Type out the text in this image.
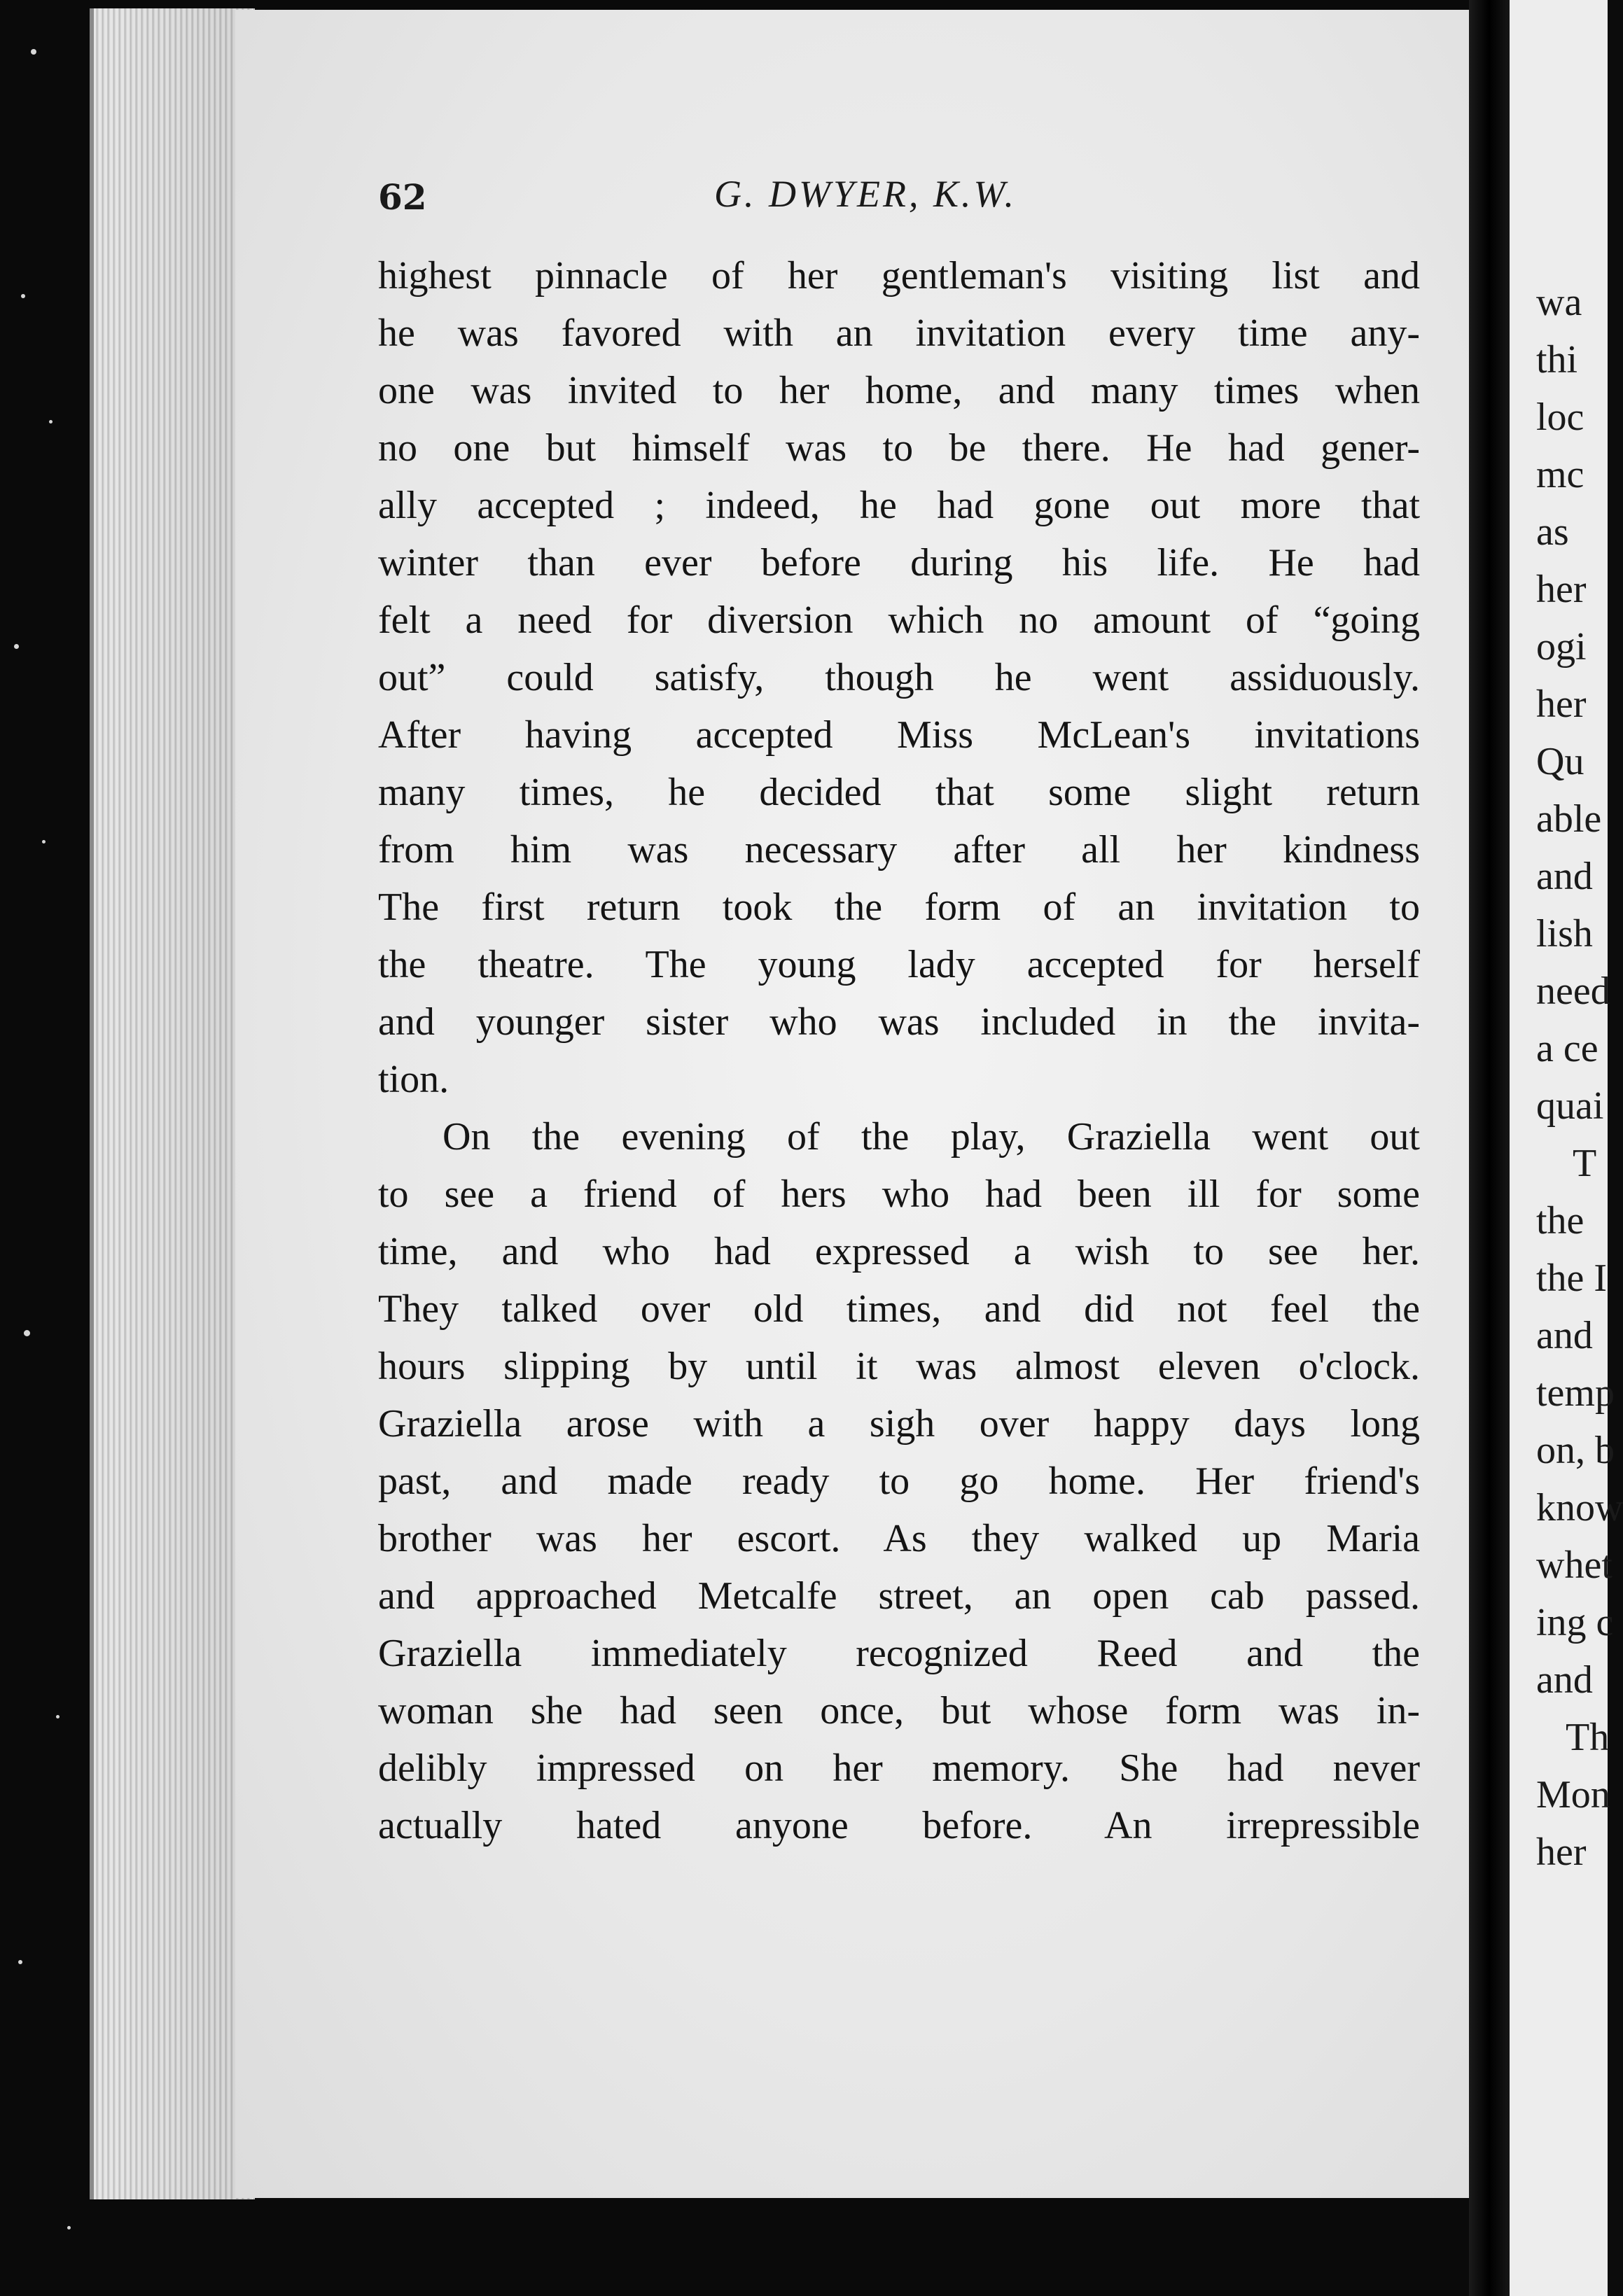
62	G. DWYER, K.W.
highest pinnacle of her gentleman's visiting list and
he was favored with an invitation every time any-
one was invited to her home, and many times when
no one but himself was to be there. He had gener-
ally accepted ; indeed, he had gone out more that
winter than ever before during his life. He had
felt a need for diversion which no amount of “going
out” could satisfy, though he went assiduously.
After having accepted Miss McLean's invitations
many times, he decided that some slight return
from him was necessary after all her kindness
The first return took the form of an invitation to
the theatre. The young lady accepted for herself
and younger sister who was included in the invita-
tion.
On the evening of the play, Graziella went out
to see a friend of hers who had been ill for some
time, and who had expressed a wish to see her.
They talked over old times, and did not feel the
hours slipping by until it was almost eleven o'clock.
Graziella arose with a sigh over happy days long
past, and made ready to go home. Her friend's
brother was her escort. As they walked up Maria
and approached Metcalfe street, an open cab passed.
Graziella immediately recognized Reed and the
woman she had seen once, but whose form was in-
delibly impressed on her memory. She had never
actually hated anyone before. An irrepressible
wa
thi
loc
mc
as
her
ogi
her
Qu
able
and
lish
need
a ce
quai
T
the
the I
and
temp
on, b
know
whet
ing c
and
Th
Mon
her
